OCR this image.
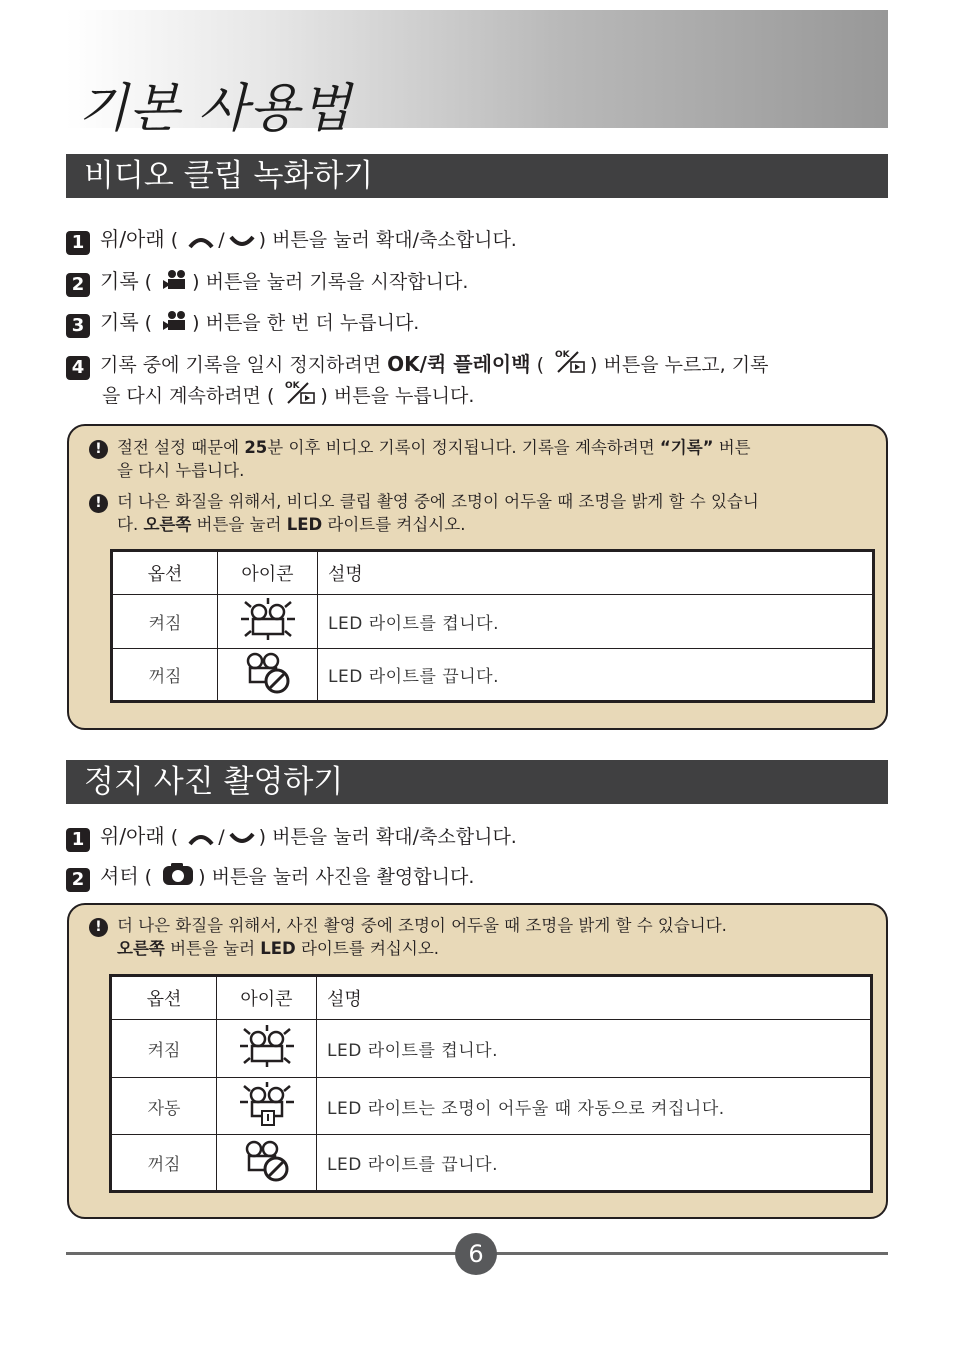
기본 사용법
비디오 클립 녹화하기
1 위/아래 ( / ) 버튼을 눌러 확대/축소합니다.
2 기록 ( ) 버튼을 눌러 기록을 시작합니다.
3 기록 ( ) 버튼을 한 번 더 누릅니다.
4 기록 중에 기록을 일시 정지하려면 OK/퀵 플레이백 ( OK ) 버튼을 누르고, 기록
을 다시 계속하려면 ( OK ) 버튼을 누릅니다.
! 절전 설정 때문에 25분 이후 비디오 기록이 정지됩니다. 기록을 계속하려면 “기록” 버튼
을 다시 누릅니다.
! 더 나은 화질을 위해서, 비디오 클립 촬영 중에 조명이 어두울 때 조명을 밝게 할 수 있습니
다. 오른쪽 버튼을 눌러 LED 라이트를 켜십시오.
옵션	아이콘	설명
켜짐		LED 라이트를 켭니다.
꺼짐		LED 라이트를 끕니다.
정지 사진 촬영하기
1 위/아래 ( / ) 버튼을 눌러 확대/축소합니다.
2 셔터 ( ) 버튼을 눌러 사진을 촬영합니다.
! 더 나은 화질을 위해서, 사진 촬영 중에 조명이 어두울 때 조명을 밝게 할 수 있습니다.
오른쪽 버튼을 눌러 LED 라이트를 켜십시오.
옵션	아이콘	설명
켜짐		LED 라이트를 켭니다.
자동		LED 라이트는 조명이 어두울 때 자동으로 켜집니다.
꺼짐		LED 라이트를 끕니다.
6
